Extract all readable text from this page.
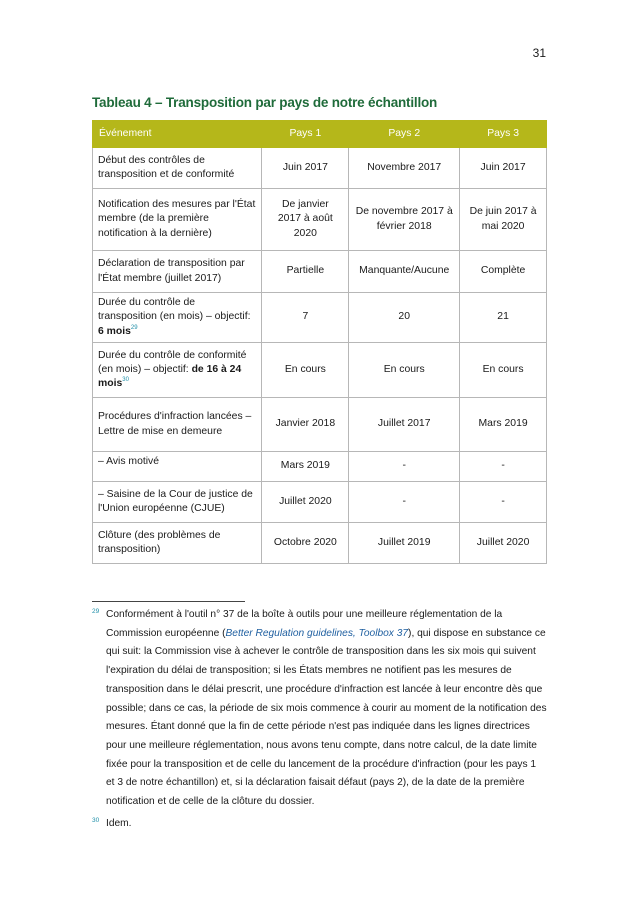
31
Tableau 4 – Transposition par pays de notre échantillon
Événement	Pays 1	Pays 2	Pays 3
Début des contrôles de transposition et de conformité	Juin 2017	Novembre 2017	Juin 2017
Notification des mesures par l'État membre (de la première notification à la dernière)	De janvier 2017 à août 2020	De novembre 2017 à février 2018	De juin 2017 à mai 2020
Déclaration de transposition par l'État membre (juillet 2017)	Partielle	Manquante/Aucune	Complète
Durée du contrôle de transposition (en mois) – objectif: 6 mois$^{29}$	7	20	21
Durée du contrôle de conformité (en mois) – objectif: de 16 à 24 mois$^{30}$	En cours	En cours	En cours
Procédures d'infraction lancées – Lettre de mise en demeure	Janvier 2018	Juillet 2017	Mars 2019
– Avis motivé	Mars 2019	-	-
– Saisine de la Cour de justice de l'Union européenne (CJUE)	Juillet 2020	-	-
Clôture (des problèmes de transposition)	Octobre 2020	Juillet 2019	Juillet 2020
29 Conformément à l'outil n° 37 de la boîte à outils pour une meilleure réglementation de la Commission européenne (Better Regulation guidelines, Toolbox 37), qui dispose en substance ce qui suit: la Commission vise à achever le contrôle de transposition dans les six mois qui suivent l'expiration du délai de transposition; si les États membres ne notifient pas les mesures de transposition dans le délai prescrit, une procédure d'infraction est lancée à leur encontre dès que possible; dans ce cas, la période de six mois commence à courir au moment de la notification des mesures. Étant donné que la fin de cette période n'est pas indiquée dans les lignes directrices pour une meilleure réglementation, nous avons tenu compte, dans notre calcul, de la date limite fixée pour la transposition et de celle du lancement de la procédure d'infraction (pour les pays 1 et 3 de notre échantillon) et, si la déclaration faisait défaut (pays 2), de la date de la première notification et de celle de la clôture du dossier.
30 Idem.
